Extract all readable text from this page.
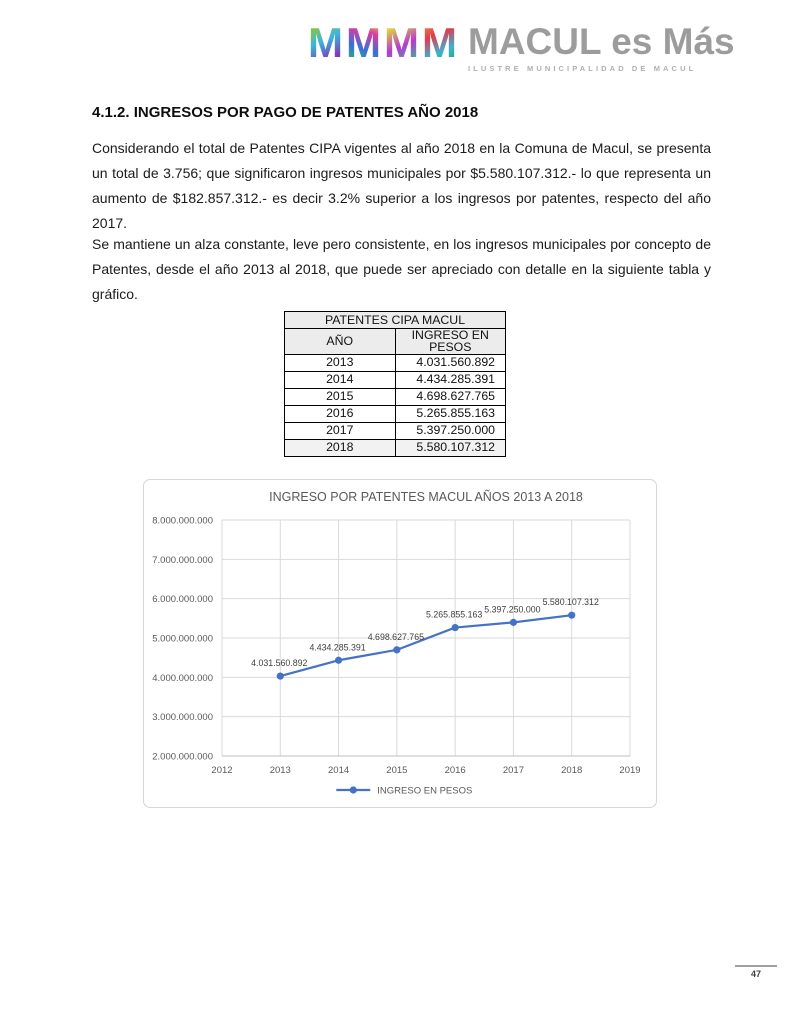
M M M M MACUL es Más
ILUSTRE MUNICIPALIDAD DE MACUL
4.1.2. INGRESOS POR PAGO DE PATENTES AÑO 2018

Considerando el total de Patentes CIPA vigentes al año 2018 en la Comuna de Macul, se presenta un total de 3.756; que significaron ingresos municipales por $5.580.107.312.- lo que representa un aumento de $182.857.312.- es decir 3.2% superior a los ingresos por patentes, respecto del año 2017.

Se mantiene un alza constante, leve pero consistente, en los ingresos municipales por concepto de Patentes, desde el año 2013 al 2018, que puede ser apreciado con detalle en la siguiente tabla y gráfico.

PATENTES CIPA MACUL	
AÑO	INGRESO EN PESOS
2013	4.031.560.892
2014	4.434.285.391
2015	4.698.627.765
2016	5.265.855.163
2017	5.397.250.000
2018	5.580.107.312
2.000.000.000
3.000.000.000
4.000.000.000
5.000.000.000
6.000.000.000
7.000.000.000
8.000.000.000
2012	2013	2014	2015	2016	2017	2018	2019
INGRESO POR PATENTES MACUL AÑOS 2013 A 2018
4.031.560.892
4.434.285.391
4.698.627.765
5.265.855.163
5.397.250.000
5.580.107.312
INGRESO EN PESOS
47
